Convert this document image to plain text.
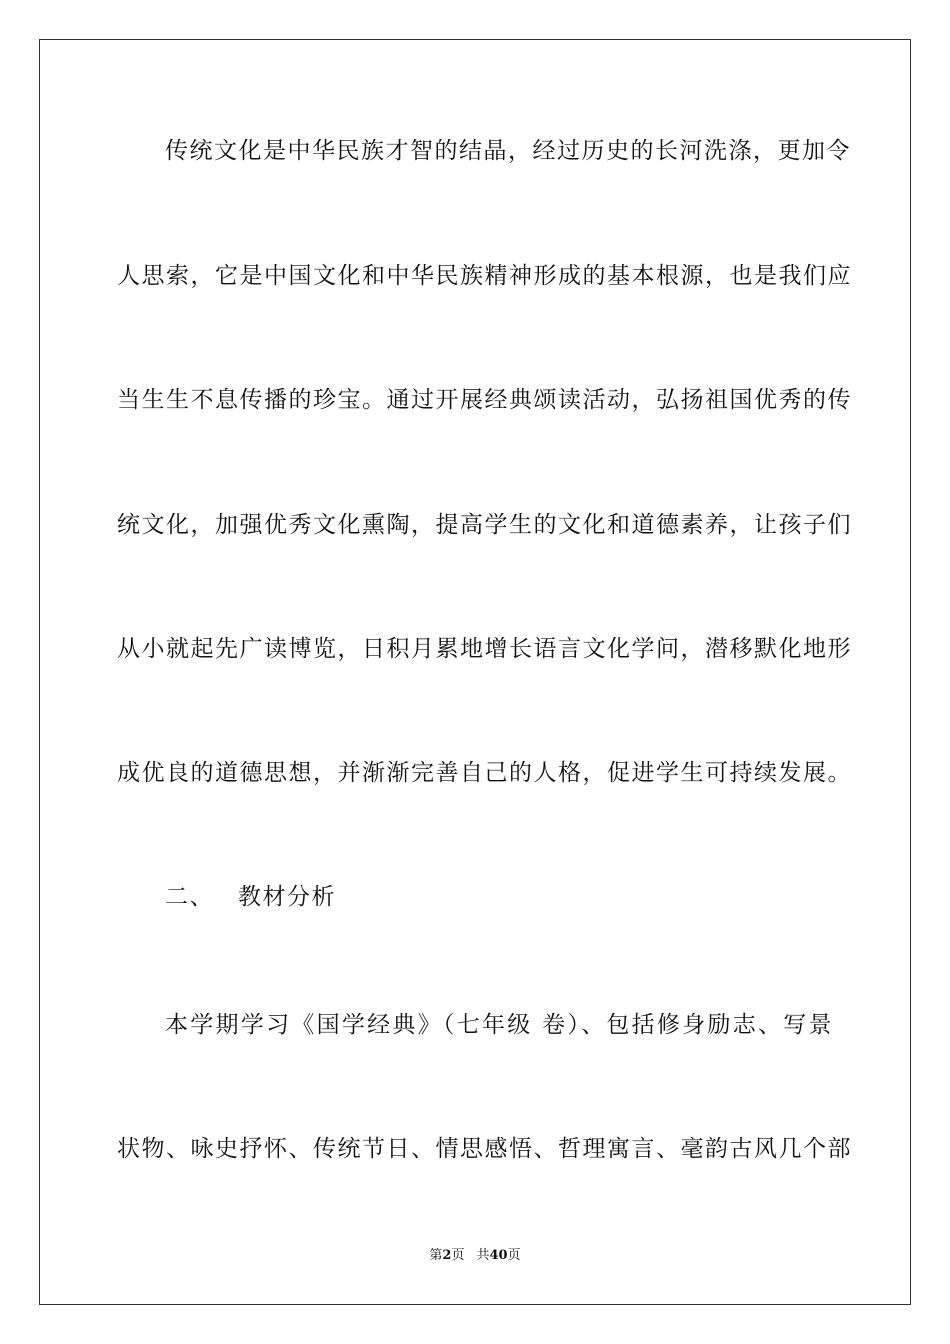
传统文化是中华民族才智的结晶，经过历史的长河洗涤，更加令
人思索，它是中国文化和中华民族精神形成的基本根源，也是我们应
当生生不息传播的珍宝。通过开展经典颂读活动，弘扬祖国优秀的传
统文化，加强优秀文化熏陶，提高学生的文化和道德素养，让孩子们
从小就起先广读博览，日积月累地增长语言文化学问，潜移默化地形
成优良的道德思想，并渐渐完善自己的人格，促进学生可持续发展。
二、 教材分析
本学期学习《国学经典》（七年级 卷）、包括修身励志、写景
状物、咏史抒怀、传统节日、情思感悟、哲理寓言、毫韵古风几个部
第2页 共40页
